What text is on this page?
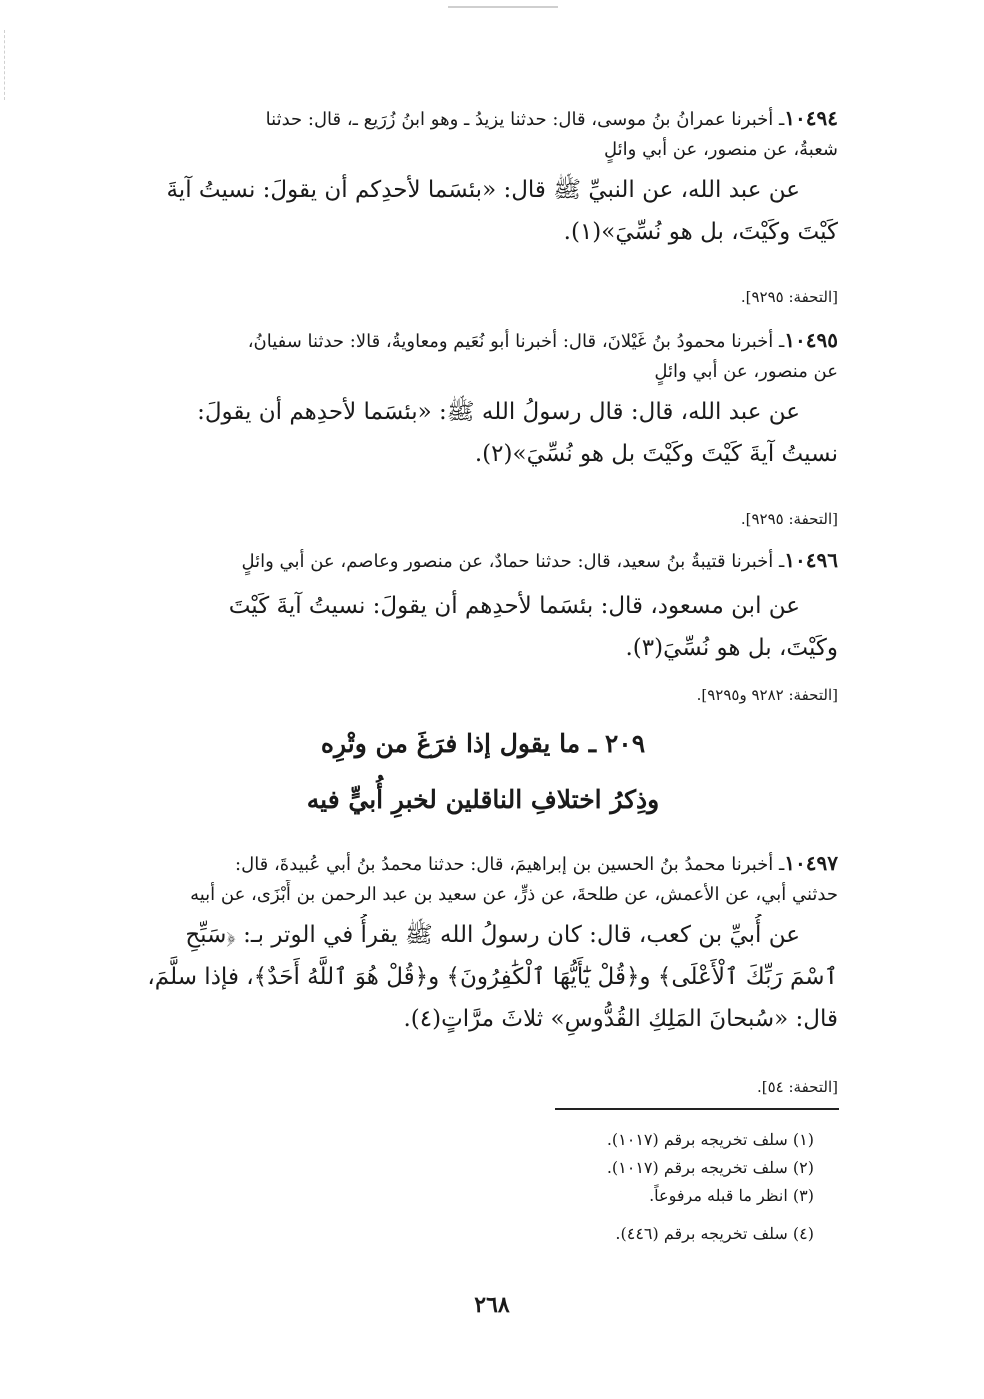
١٠٤٩٤ـ أخبرنا عمرانُ بنُ موسى، قال: حدثنا يزيدُ ـ وهو ابنُ زُرَيع ـ، قال: حدثنا
شعبةُ، عن منصور، عن أبي وائلٍ
عن عبد الله، عن النبيِّ ﷺ قال: «بئسَما لأحدِكم أن يقولَ: نسيتُ آيةَ
كَيْتَ وكَيْتَ، بل هو نُسِّيَ»(١).
[التحفة: ٩٢٩٥].
١٠٤٩٥ـ أخبرنا محمودُ بنُ غَيْلانَ، قال: أخبرنا أبو نُعَيم ومعاويةُ، قالا: حدثنا سفيانُ،
عن منصور، عن أبي وائلٍ
عن عبد الله، قال: قال رسولُ الله ﷺ: «بئسَما لأحدِهم أن يقولَ:
نسيتُ آيةَ كَيْتَ وكَيْتَ بل هو نُسِّيَ»(٢).
[التحفة: ٩٢٩٥].
١٠٤٩٦ـ أخبرنا قتيبةُ بنُ سعيد، قال: حدثنا حمادٌ، عن منصور وعاصم، عن أبي وائلٍ
عن ابن مسعود، قال: بئسَما لأحدِهم أن يقولَ: نسيتُ آيةَ كَيْتَ
وكَيْتَ، بل هو نُسِّيَ(٣).
[التحفة: ٩٢٨٢ و٩٢٩٥].
٢٠٩ ـ ما يقول إذا فرَغَ من وتْرِه
وذِكرُ اختلافِ الناقلين لخبرِ أُبيٍّ فيه
١٠٤٩٧ـ أخبرنا محمدُ بنُ الحسين بن إبراهيمَ، قال: حدثنا محمدُ بنُ أبي عُبيدةَ، قال:
حدثني أبي، عن الأعمش، عن طلحةَ، عن ذرٍّ، عن سعيد بن عبد الرحمن بن أَبْزَى، عن أبيه
عن أُبيِّ بن كعب، قال: كان رسولُ الله ﷺ يقرأُ في الوتر بـ: ﴿سَبِّحِ
ٱسْمَ رَبِّكَ ٱلْأَعْلَى﴾ و﴿قُلْ يَٰٓأَيُّهَا ٱلْكَٰفِرُونَ﴾ و﴿قُلْ هُوَ ٱللَّهُ أَحَدٌ﴾، فإذا سلَّمَ،
قال: «سُبحانَ المَلِكِ القُدُّوسِ» ثلاثَ مرَّاتٍ(٤).
[التحفة: ٥٤].
(١) سلف تخريجه برقم (١٠١٧).
(٢) سلف تخريجه برقم (١٠١٧).
(٣) انظر ما قبله مرفوعاً.
(٤) سلف تخريجه برقم (٤٤٦).
٢٦٨
